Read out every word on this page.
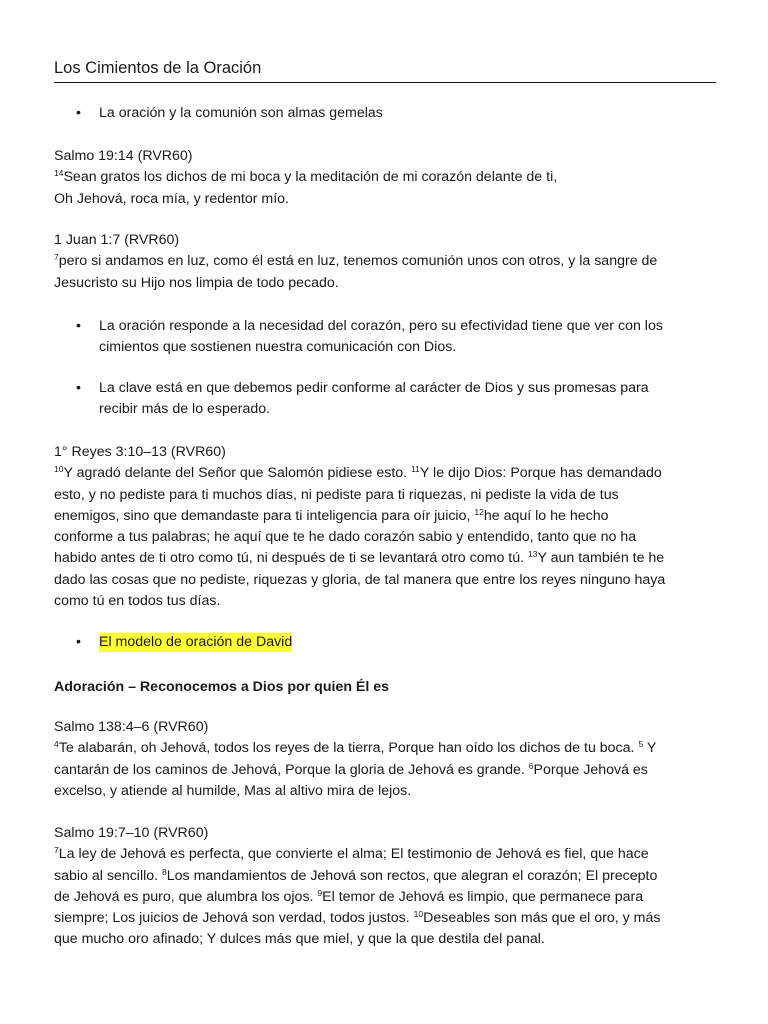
Los Cimientos de la Oración
• La oración y la comunión son almas gemelas
Salmo 19:14 (RVR60)
$^{14}$Sean gratos los dichos de mi boca y la meditación de mi corazón delante de ti,
Oh Jehová, roca mía, y redentor mío.
1 Juan 1:7 (RVR60)
$^7$pero si andamos en luz, como él está en luz, tenemos comunión unos con otros, y la sangre de
Jesucristo su Hijo nos limpia de todo pecado.
• La oración responde a la necesidad del corazón, pero su efectividad tiene que ver con los
cimientos que sostienen nuestra comunicación con Dios.
• La clave está en que debemos pedir conforme al carácter de Dios y sus promesas para
recibir más de lo esperado.
1° Reyes 3:10–13 (RVR60)
$^{10}$Y agradó delante del Señor que Salomón pidiese esto. $^{11}$Y le dijo Dios: Porque has demandado
esto, y no pediste para ti muchos días, ni pediste para ti riquezas, ni pediste la vida de tus
enemigos, sino que demandaste para ti inteligencia para oír juicio, $^{12}$he aquí lo he hecho
conforme a tus palabras; he aquí que te he dado corazón sabio y entendido, tanto que no ha
habido antes de ti otro como tú, ni después de ti se levantará otro como tú. $^{13}$Y aun también te he
dado las cosas que no pediste, riquezas y gloria, de tal manera que entre los reyes ninguno haya
como tú en todos tus días.
• El modelo de oración de David
Adoración – Reconocemos a Dios por quien Él es
Salmo 138:4–6 (RVR60)
$^4$Te alabarán, oh Jehová, todos los reyes de la tierra, Porque han oído los dichos de tu boca. $^5$ Y
cantarán de los caminos de Jehová, Porque la gloria de Jehová es grande. $^6$Porque Jehová es
excelso, y atiende al humilde, Mas al altivo mira de lejos.
Salmo 19:7–10 (RVR60)
$^7$La ley de Jehová es perfecta, que convierte el alma; El testimonio de Jehová es fiel, que hace
sabio al sencillo. $^8$Los mandamientos de Jehová son rectos, que alegran el corazón; El precepto
de Jehová es puro, que alumbra los ojos. $^9$El temor de Jehová es limpio, que permanece para
siempre; Los juicios de Jehová son verdad, todos justos. $^{10}$Deseables son más que el oro, y más
que mucho oro afinado; Y dulces más que miel, y que la que destila del panal.
